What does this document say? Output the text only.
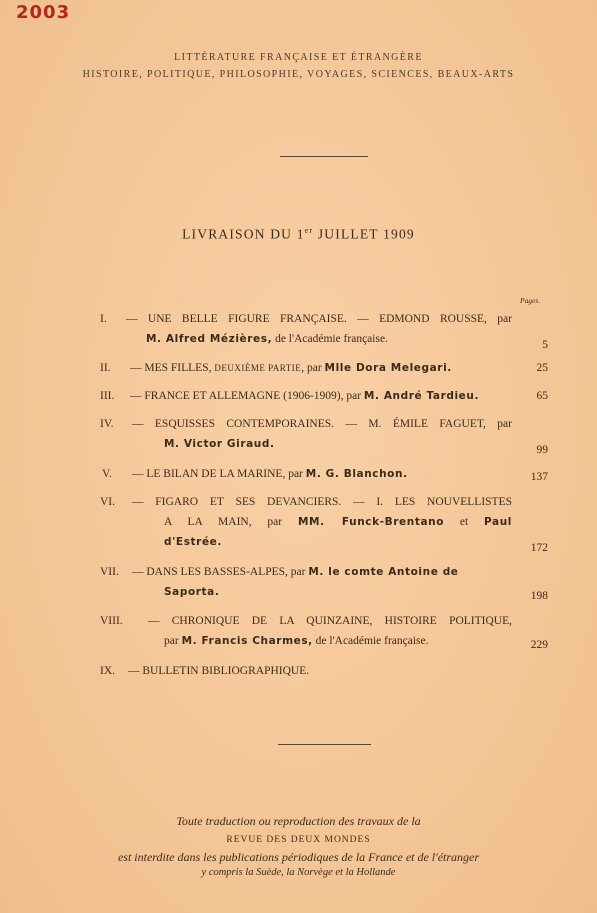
2003
LITTÉRATURE FRANÇAISE ET ÉTRANGÈRE
HISTOIRE, POLITIQUE, PHILOSOPHIE, VOYAGES, SCIENCES, BEAUX-ARTS
LIVRAISON DU 1er JUILLET 1909
Pages.
I.	— UNE BELLE FIGURE FRANÇAISE. — EDMOND ROUSSE, par
M. Alfred Mézières, de l'Académie française.	5
II.	— MES FILLES, DEUXIÈME PARTIE, par Mlle Dora Melegari.	25
III.	— FRANCE ET ALLEMAGNE (1906-1909), par M. André Tardieu.	65
IV.	— ESQUISSES CONTEMPORAINES. — M. ÉMILE FAGUET, par
M. Victor Giraud.	99
V.	— LE BILAN DE LA MARINE, par M. G. Blanchon.	137
VI.	— FIGARO ET SES DEVANCIERS. — I. LES NOUVELLISTES
A LA MAIN, par MM. Funck-Brentano et Paul
d'Estrée.	172
VII.	— DANS LES BASSES-ALPES, par M. le comte Antoine de
Saporta.	198
VIII.	— CHRONIQUE DE LA QUINZAINE, HISTOIRE POLITIQUE,
par M. Francis Charmes, de l'Académie française.	229
IX.	— BULLETIN BIBLIOGRAPHIQUE.
Toute traduction ou reproduction des travaux de la
REVUE DES DEUX MONDES
est interdite dans les publications périodiques de la France et de l'étranger
y compris la Suède, la Norvège et la Hollande
